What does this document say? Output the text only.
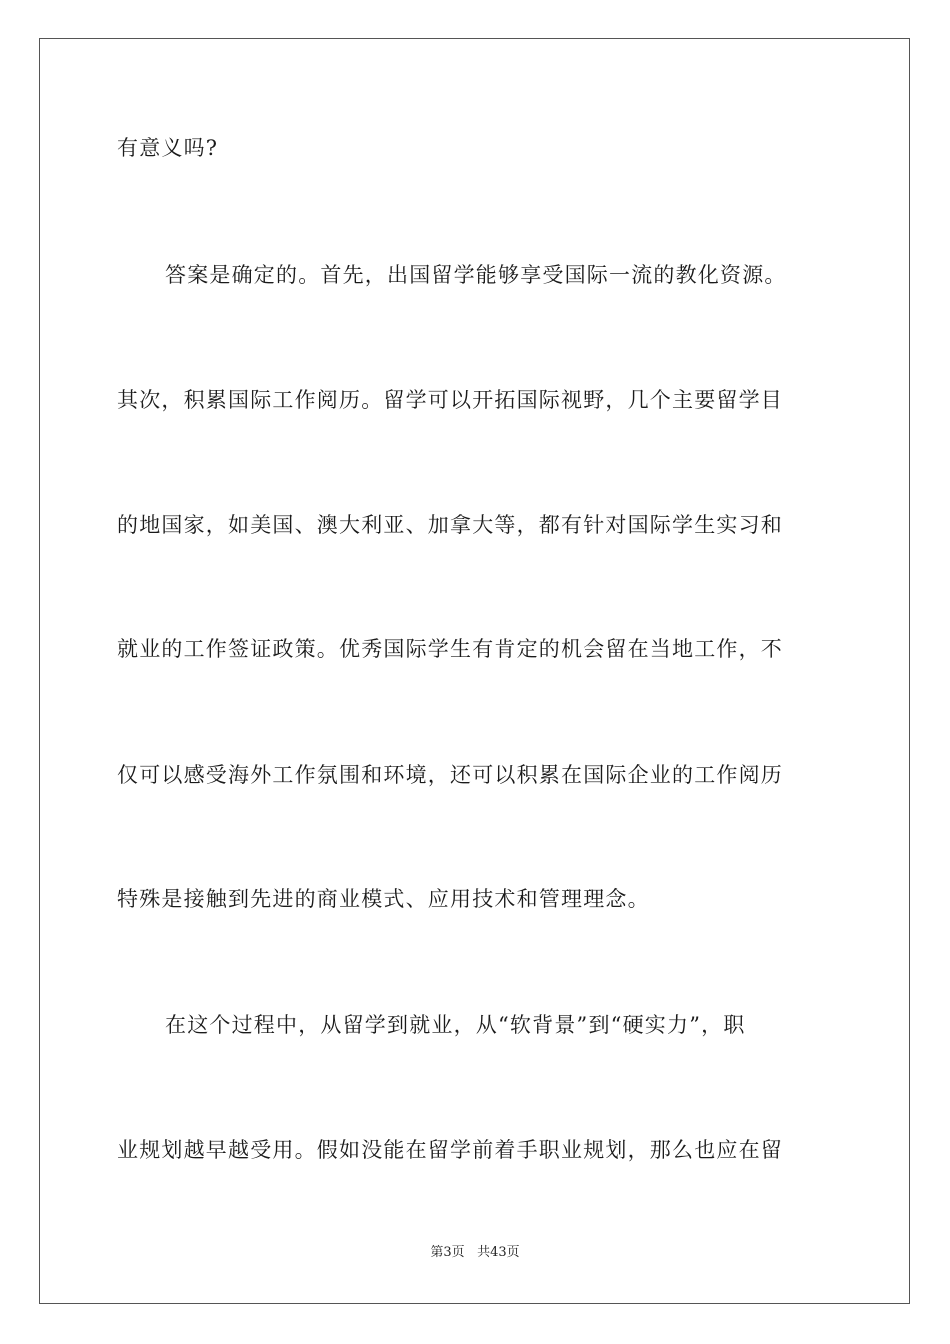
有意义吗?
答案是确定的。首先，出国留学能够享受国际一流的教化资源。
其次，积累国际工作阅历。留学可以开拓国际视野，几个主要留学目
的地国家，如美国、澳大利亚、加拿大等，都有针对国际学生实习和
就业的工作签证政策。优秀国际学生有肯定的机会留在当地工作，不
仅可以感受海外工作氛围和环境，还可以积累在国际企业的工作阅历
特殊是接触到先进的商业模式、应用技术和管理理念。
在这个过程中，从留学到就业，从“软背景”到“硬实力”，职
业规划越早越受用。假如没能在留学前着手职业规划，那么也应在留
第3页 共43页
